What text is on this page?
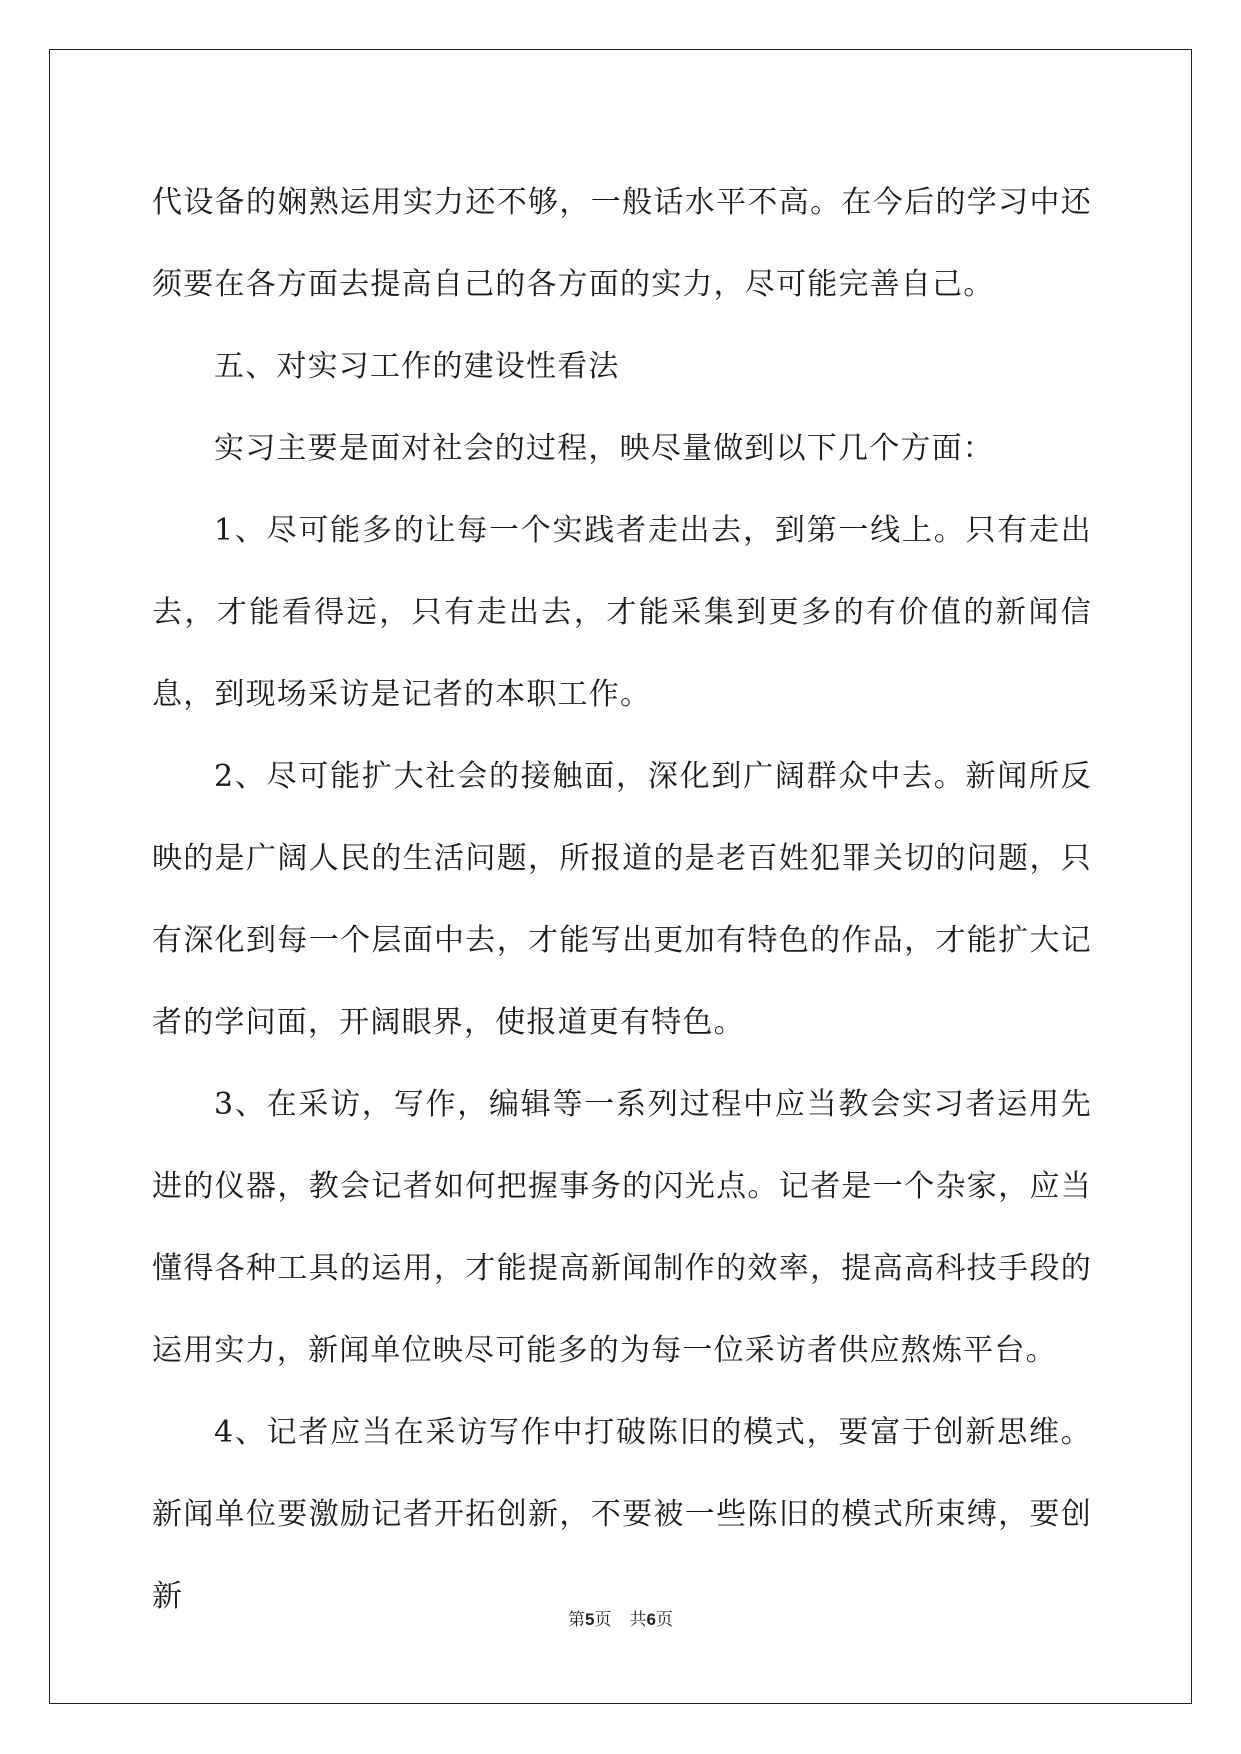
代设备的娴熟运用实力还不够，一般话水平不高。在今后的学习中还须要在各方面去提高自己的各方面的实力，尽可能完善自己。

五、对实习工作的建设性看法

实习主要是面对社会的过程，映尽量做到以下几个方面：

1、尽可能多的让每一个实践者走出去，到第一线上。只有走出去，才能看得远，只有走出去，才能采集到更多的有价值的新闻信息，到现场采访是记者的本职工作。

2、尽可能扩大社会的接触面，深化到广阔群众中去。新闻所反映的是广阔人民的生活问题，所报道的是老百姓犯罪关切的问题，只有深化到每一个层面中去，才能写出更加有特色的作品，才能扩大记者的学问面，开阔眼界，使报道更有特色。

3、在采访，写作，编辑等一系列过程中应当教会实习者运用先进的仪器，教会记者如何把握事务的闪光点。记者是一个杂家，应当懂得各种工具的运用，才能提高新闻制作的效率，提高高科技手段的运用实力，新闻单位映尽可能多的为每一位采访者供应熬炼平台。

4、记者应当在采访写作中打破陈旧的模式，要富于创新思维。新闻单位要激励记者开拓创新，不要被一些陈旧的模式所束缚，要创新

第5页 共6页
